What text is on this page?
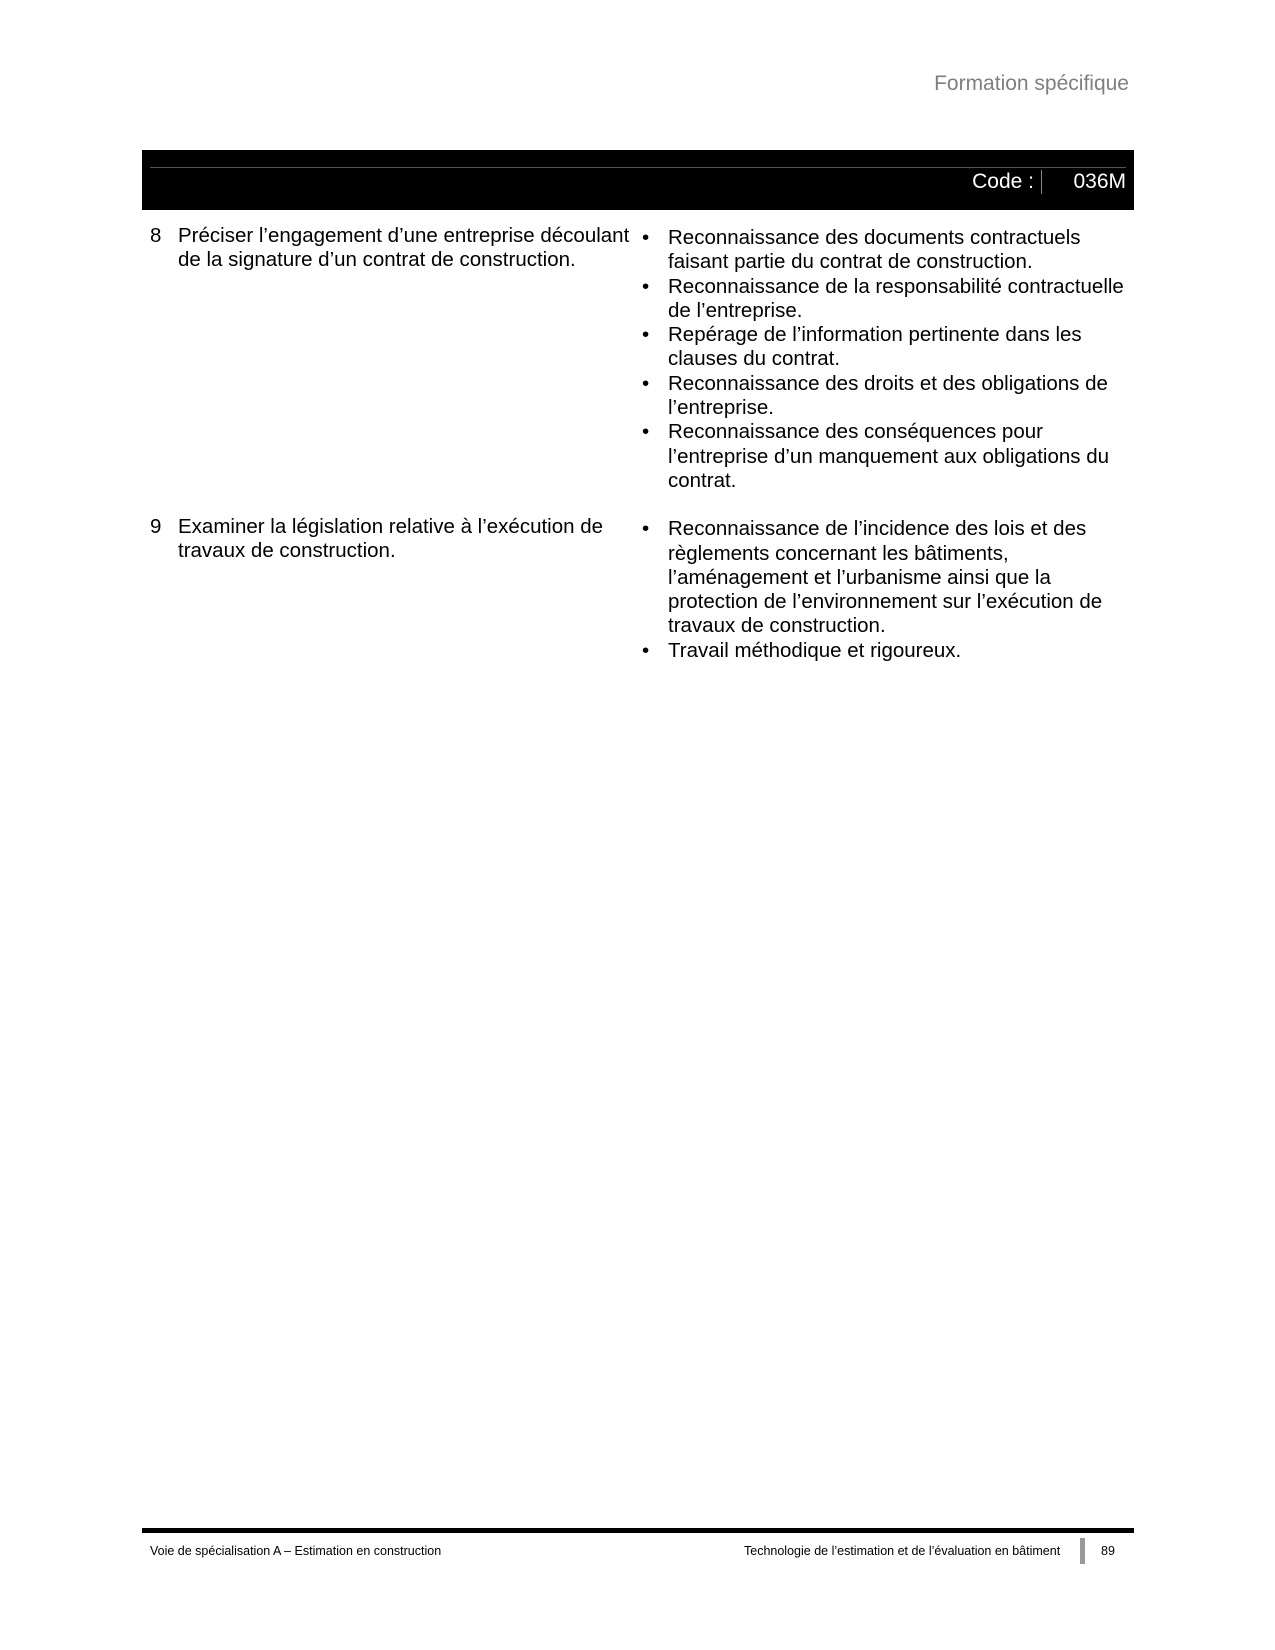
Formation spécifique
Code : 036M
8 Préciser l’engagement d’une entreprise découlant de la signature d’un contrat de construction.
• Reconnaissance des documents contractuels faisant partie du contrat de construction.
• Reconnaissance de la responsabilité contractuelle de l’entreprise.
• Repérage de l’information pertinente dans les clauses du contrat.
• Reconnaissance des droits et des obligations de l’entreprise.
• Reconnaissance des conséquences pour l’entreprise d’un manquement aux obligations du contrat.
9 Examiner la législation relative à l’exécution de travaux de construction.
• Reconnaissance de l’incidence des lois et des règlements concernant les bâtiments, l’aménagement et l’urbanisme ainsi que la protection de l’environnement sur l’exécution de travaux de construction.
• Travail méthodique et rigoureux.
Voie de spécialisation A – Estimation en construction	Technologie de l’estimation et de l’évaluation en bâtiment	89
